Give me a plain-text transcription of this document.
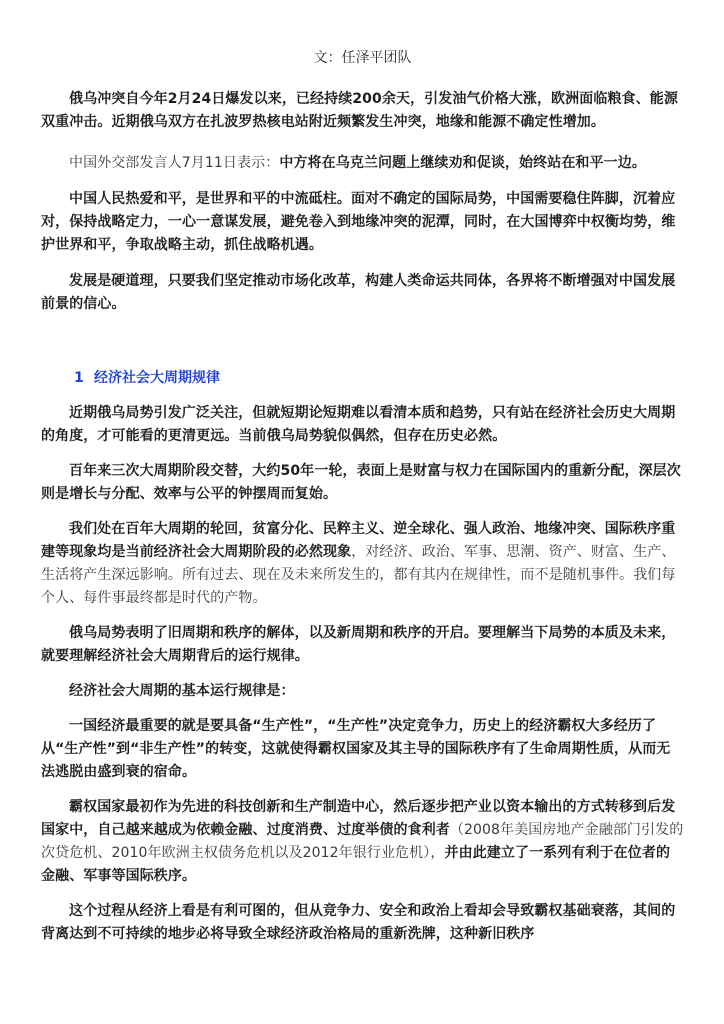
文：任泽平团队

俄乌冲突自今年2月24日爆发以来，已经持续200余天，引发油气价格大涨，欧洲面临粮食、能源双重冲击。近期俄乌双方在扎波罗热核电站附近频繁发生冲突，地缘和能源不确定性增加。

中国外交部发言人7月11日表示：中方将在乌克兰问题上继续劝和促谈，始终站在和平一边。

中国人民热爱和平，是世界和平的中流砥柱。面对不确定的国际局势，中国需要稳住阵脚，沉着应对，保持战略定力，一心一意谋发展，避免卷入到地缘冲突的泥潭，同时，在大国博弈中权衡均势，维护世界和平，争取战略主动，抓住战略机遇。

发展是硬道理，只要我们坚定推动市场化改革，构建人类命运共同体，各界将不断增强对中国发展前景的信心。

1 经济社会大周期规律

近期俄乌局势引发广泛关注，但就短期论短期难以看清本质和趋势，只有站在经济社会历史大周期的角度，才可能看的更清更远。当前俄乌局势貌似偶然，但存在历史必然。

百年来三次大周期阶段交替，大约50年一轮，表面上是财富与权力在国际国内的重新分配，深层次则是增长与分配、效率与公平的钟摆周而复始。

我们处在百年大周期的轮回，贫富分化、民粹主义、逆全球化、强人政治、地缘冲突、国际秩序重建等现象均是当前经济社会大周期阶段的必然现象，对经济、政治、军事、思潮、资产、财富、生产、生活将产生深远影响。所有过去、现在及未来所发生的，都有其内在规律性，而不是随机事件。我们每个人、每件事最终都是时代的产物。

俄乌局势表明了旧周期和秩序的解体，以及新周期和秩序的开启。要理解当下局势的本质及未来，就要理解经济社会大周期背后的运行规律。

经济社会大周期的基本运行规律是：

一国经济最重要的就是要具备“生产性”，“生产性”决定竞争力，历史上的经济霸权大多经历了从“生产性”到“非生产性”的转变，这就使得霸权国家及其主导的国际秩序有了生命周期性质，从而无法逃脱由盛到衰的宿命。

霸权国家最初作为先进的科技创新和生产制造中心，然后逐步把产业以资本输出的方式转移到后发国家中，自己越来越成为依赖金融、过度消费、过度举债的食利者（2008年美国房地产金融部门引发的次贷危机、2010年欧洲主权债务危机以及2012年银行业危机），并由此建立了一系列有利于在位者的金融、军事等国际秩序。

这个过程从经济上看是有利可图的，但从竞争力、安全和政治上看却会导致霸权基础衰落，其间的背离达到不可持续的地步必将导致全球经济政治格局的重新洗牌，这种新旧秩序
